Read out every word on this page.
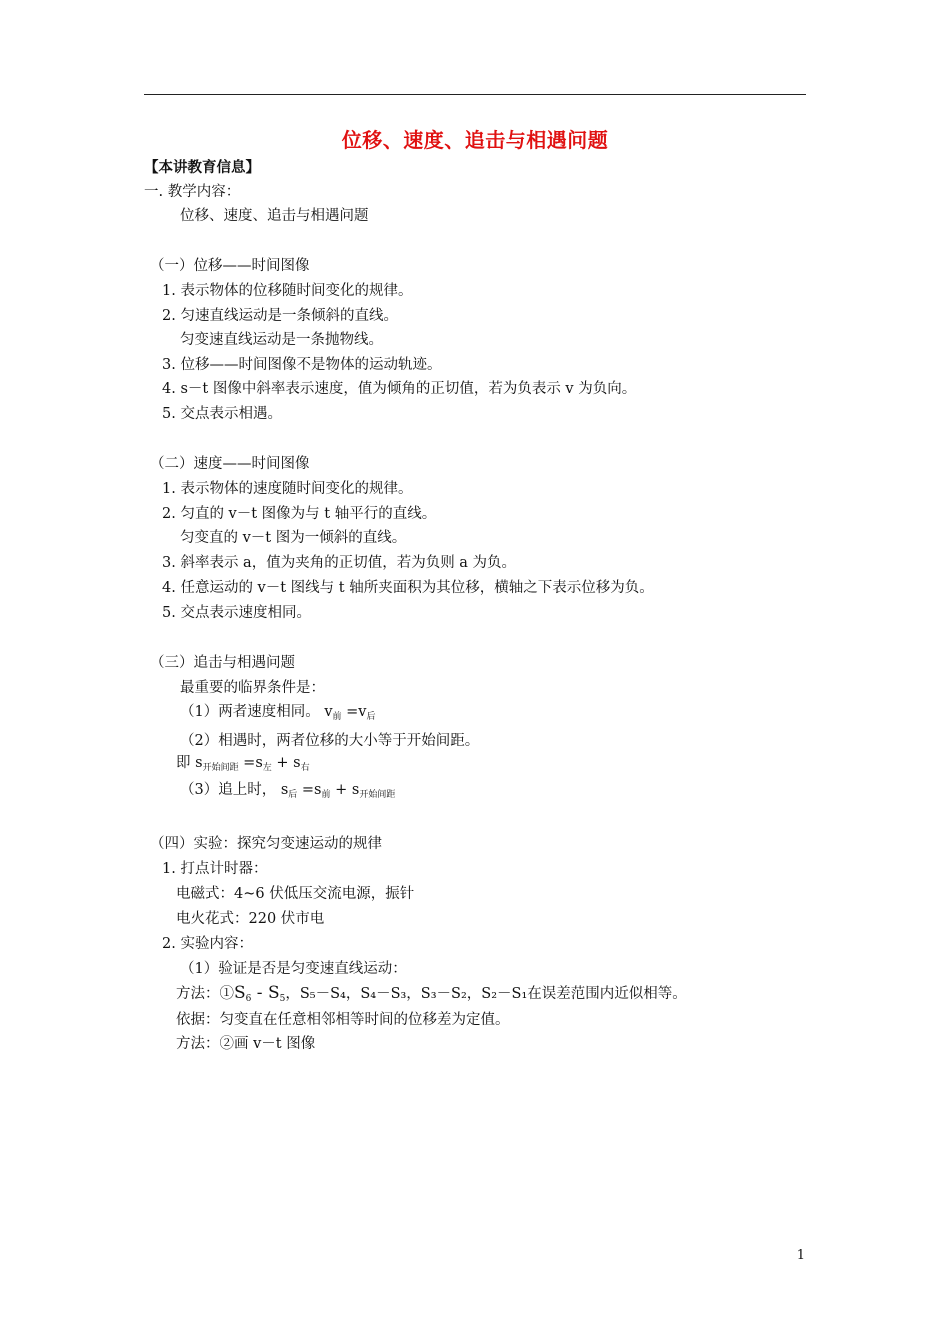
位移、速度、追击与相遇问题
【本讲教育信息】
一. 教学内容：
位移、速度、追击与相遇问题
（一）位移——时间图像
1. 表示物体的位移随时间变化的规律。
2. 匀速直线运动是一条倾斜的直线。
匀变速直线运动是一条抛物线。
3. 位移——时间图像不是物体的运动轨迹。
4. s－t 图像中斜率表示速度，值为倾角的正切值，若为负表示 v 为负向。
5. 交点表示相遇。
（二）速度——时间图像
1. 表示物体的速度随时间变化的规律。
2. 匀直的 v－t 图像为与 t 轴平行的直线。
匀变直的 v－t 图为一倾斜的直线。
3. 斜率表示 a，值为夹角的正切值，若为负则 a 为负。
4. 任意运动的 v－t 图线与 t 轴所夹面积为其位移，横轴之下表示位移为负。
5. 交点表示速度相同。
（三）追击与相遇问题
最重要的临界条件是：
（1）两者速度相同。 $v_前 =v_后$
（2）相遇时，两者位移的大小等于开始间距。
即 $s_{开始间距} =s_左 + s_右$
（3）追上时， $s_后 =s_前 + s_{开始间距}$
（四）实验：探究匀变速运动的规律
1. 打点计时器：
电磁式：4~6 伏低压交流电源，振针
电火花式：220 伏市电
2. 实验内容：
（1）验证是否是匀变速直线运动：
方法：$①S_6 - S_5$，S₅－S₄，S₄－S₃，S₃－S₂，S₂－S₁在误差范围内近似相等。
依据：匀变直在任意相邻相等时间的位移差为定值。
方法：②画 v－t 图像
1
